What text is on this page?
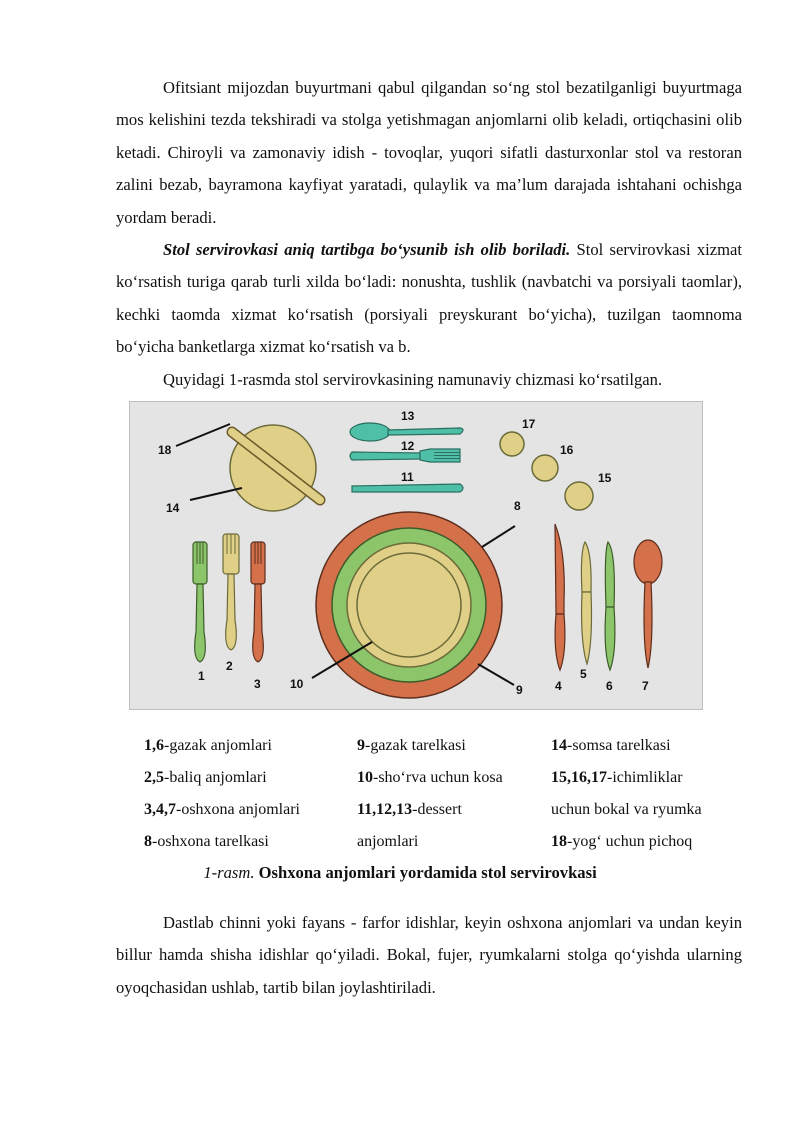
Ofitsiant mijozdan buyurtmani qabul qilgandan so‘ng stol bezatilganligi buyurtmaga mos kelishini tezda tekshiradi va stolga yetishmagan anjomlarni olib keladi, ortiqchasini olib ketadi. Chiroyli va zamonaviy idish - tovoqlar, yuqori sifatli dasturxonlar stol va restoran zalini bezab, bayramona kayfiyat yaratadi, qulaylik va ma’lum darajada ishtahani ochishga yordam beradi.

Stol servirovkasi aniq tartibga bo‘ysunib ish olib boriladi. Stol servirovkasi xizmat ko‘rsatish turiga qarab turli xilda bo‘ladi: nonushta, tushlik (navbatchi va porsiyali taomlar), kechki taomda xizmat ko‘rsatish (porsiyali preyskurant bo‘yicha), tuzilgan taomnoma bo‘yicha banketlarga xizmat ko‘rsatish va b.

Quyidagi 1-rasmda stol servirovkasining namunaviy chizmasi ko‘rsatilgan.

18
14
13
12
11
17
16
15
8
9
10
1
2
3	4
5
6 7
1,6-gazak anjomlari
2,5-baliq anjomlari
3,4,7-oshxona anjomlari
8-oshxona tarelkasi
9-gazak tarelkasi
10-sho‘rva uchun kosa
11,12,13-dessert
anjomlari
14-somsa tarelkasi
15,16,17-ichimliklar
uchun bokal va ryumka
18-yog‘ uchun pichoq
1-rasm. Oshxona anjomlari yordamida stol servirovkasi

Dastlab chinni yoki fayans - farfor idishlar, keyin oshxona anjomlari va undan keyin billur hamda shisha idishlar qo‘yiladi. Bokal, fujer, ryumkalarni stolga qo‘yishda ularning oyoqchasidan ushlab, tartib bilan joylashtiriladi.
